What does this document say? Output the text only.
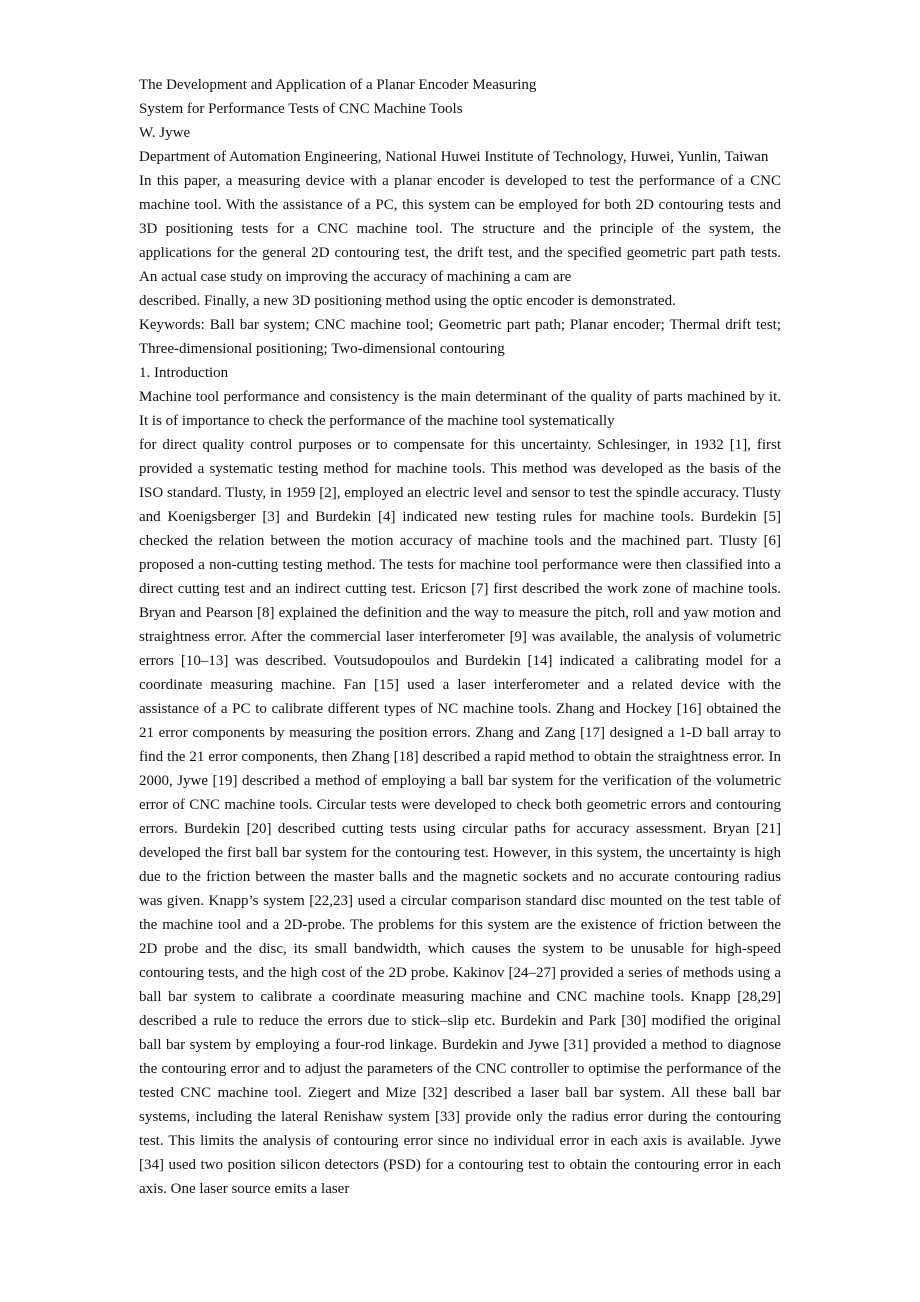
The Development and Application of a Planar Encoder Measuring
System for Performance Tests of CNC Machine Tools
W. Jywe

Department of Automation Engineering, National Huwei Institute of Technology, Huwei, Yunlin, Taiwan

In this paper, a measuring device with a planar encoder is developed to test the performance of a CNC machine tool. With the assistance of a PC, this system can be employed for both 2D contouring tests and 3D positioning tests for a CNC machine tool. The structure and the principle of the system, the applications for the general 2D contouring test, the drift test, and the specified geometric part path tests. An actual case study on improving the accuracy of machining a cam are

described. Finally, a new 3D positioning method using the optic encoder is demonstrated.

Keywords: Ball bar system; CNC machine tool; Geometric part path; Planar encoder; Thermal drift test; Three-dimensional positioning; Two-dimensional contouring

1. Introduction

Machine tool performance and consistency is the main determinant of the quality of parts machined by it. It is of importance to check the performance of the machine tool systematically

for direct quality control purposes or to compensate for this uncertainty. Schlesinger, in 1932 [1], first provided a systematic testing method for machine tools. This method was developed as the basis of the ISO standard. Tlusty, in 1959 [2], employed an electric level and sensor to test the spindle accuracy. Tlusty and Koenigsberger [3] and Burdekin [4] indicated new testing rules for machine tools. Burdekin [5] checked the relation between the motion accuracy of machine tools and the machined part. Tlusty [6] proposed a non-cutting testing method. The tests for machine tool performance were then classified into a direct cutting test and an indirect cutting test. Ericson [7] first described the work zone of machine tools. Bryan and Pearson [8] explained the definition and the way to measure the pitch, roll and yaw motion and straightness error. After the commercial laser interferometer [9] was available, the analysis of volumetric errors [10–13] was described. Voutsudopoulos and Burdekin [14] indicated a calibrating model for a coordinate measuring machine. Fan [15] used a laser interferometer and a related device with the assistance of a PC to calibrate different types of NC machine tools. Zhang and Hockey [16] obtained the 21 error components by measuring the position errors. Zhang and Zang [17] designed a 1-D ball array to find the 21 error components, then Zhang [18] described a rapid method to obtain the straightness error. In 2000, Jywe [19] described a method of employing a ball bar system for the verification of the volumetric error of CNC machine tools. Circular tests were developed to check both geometric errors and contouring errors. Burdekin [20] described cutting tests using circular paths for accuracy assessment. Bryan [21] developed the first ball bar system for the contouring test. However, in this system, the uncertainty is high due to the friction between the master balls and the magnetic sockets and no accurate contouring radius was given. Knapp’s system [22,23] used a circular comparison standard disc mounted on the test table of the machine tool and a 2D-probe. The problems for this system are the existence of friction between the 2D probe and the disc, its small bandwidth, which causes the system to be unusable for high-speed contouring tests, and the high cost of the 2D probe. Kakinov [24–27] provided a series of methods using a ball bar system to calibrate a coordinate measuring machine and CNC machine tools. Knapp [28,29] described a rule to reduce the errors due to stick–slip etc. Burdekin and Park [30] modified the original ball bar system by employing a four-rod linkage. Burdekin and Jywe [31] provided a method to diagnose the contouring error and to adjust the parameters of the CNC controller to optimise the performance of the tested CNC machine tool. Ziegert and Mize [32] described a laser ball bar system. All these ball bar systems, including the lateral Renishaw system [33] provide only the radius error during the contouring test. This limits the analysis of contouring error since no individual error in each axis is available. Jywe [34] used two position silicon detectors (PSD) for a contouring test to obtain the contouring error in each axis. One laser source emits a laser
